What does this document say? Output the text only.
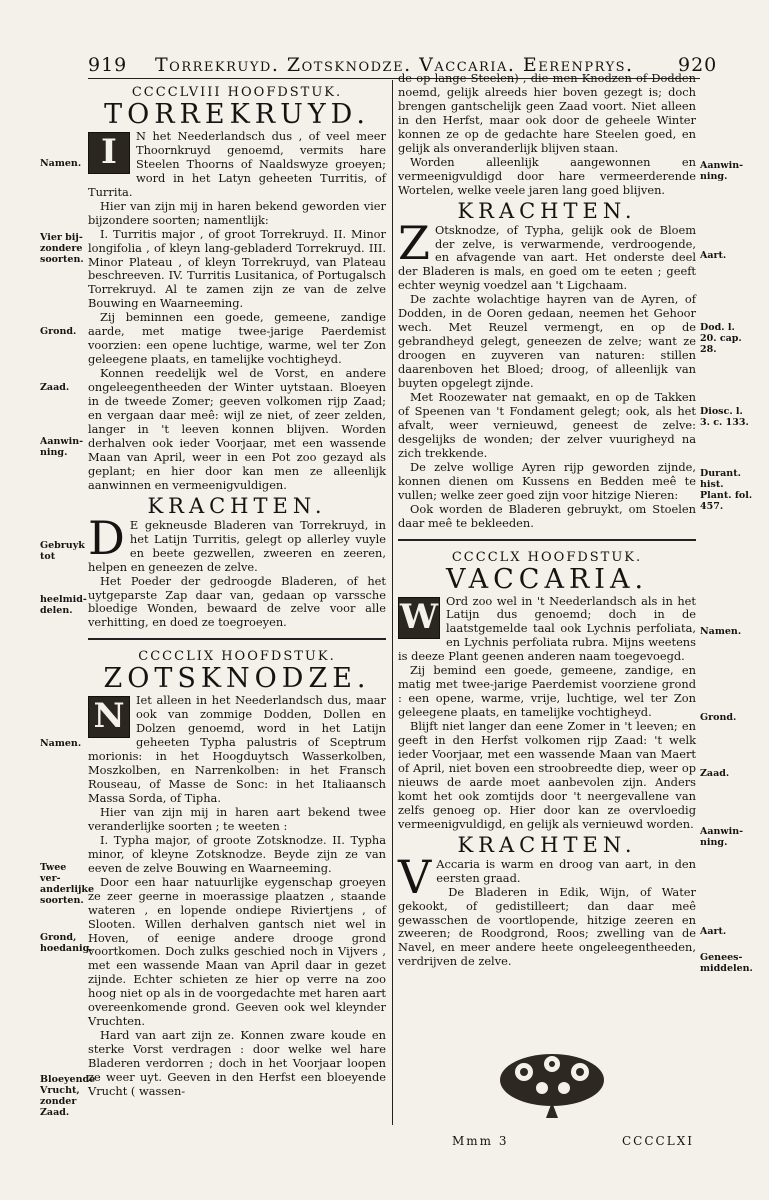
919 Torrekruyd. Zotsknodze. Vaccaria. Eerenprys. 920

CCCCLVIII HOOFDSTUK.

TORREKRUYD.

I	N het Neederlandsch dus , of veel meer Thoornkruyd genoemd, vermits hare Steelen Thoorns of Naaldswyze groeyen; word in het Latyn geheeten Turritis, of Turrita.

Hier van zijn mij in haren bekend geworden vier bijzondere soorten; namentlijk:

I. Turritis major , of groot Torrekruyd. II. Minor longifolia , of kleyn lang-gebladerd Torrekruyd. III. Minor Plateau , of kleyn Torrekruyd, van Plateau beschreeven. IV. Turritis Lusitanica, of Portugalsch Torrekruyd. Al te zamen zijn ze van de zelve Bouwing en Waarneeming.

Zij beminnen een goede, gemeene, zandige aarde, met matige twee-jarige Paerdemist voorzien: een opene luchtige, warme, wel ter Zon geleegene plaats, en tamelijke vochtigheyd.

Konnen reedelijk wel de Vorst, en andere ongeleegentheeden der Winter uytstaan. Bloeyen in de tweede Zomer; geeven volkomen rijp Zaad; en vergaan daar meê: wijl ze niet, of zeer zelden, langer in 't leeven konnen blijven. Worden derhalven ook ieder Voorjaar, met een wassende Maan van April, weer in een Pot zoo gezayd als geplant; en hier door kan men ze alleenlijk aanwinnen en vermeenigvuldigen.

KRACHTEN.

D E gekneusde Bladeren van Torrekruyd, in het Latijn Turritis, gelegt op allerley vuyle en beete gezwellen, zweeren en zeeren, helpen en geneezen de zelve.

Het Poeder der gedroogde Bladeren, of het uytgeparste Zap daar van, gedaan op varssche bloedige Wonden, bewaard de zelve voor alle verhitting, en doed ze toegroeyen.

CCCCLIX HOOFDSTUK.

ZOTSKNODZE.

N	Iet alleen in het Neederlandsch dus, maar ook van zommige Dodden, Dollen en Dolzen genoemd, word in het Latijn geheeten Typha palustris of Sceptrum morionis: in het Hoogduytsch Wasserkolben, Moszkolben, en Narrenkolben: in het Fransch Rouseau, of Masse de Sonc: in het Italiaansch Massa Sorda, of Tipha.

Hier van zijn mij in haren aart bekend twee veranderlijke soorten ; te weeten :

I. Typha major, of groote Zotsknodze. II. Typha minor, of kleyne Zotsknodze. Beyde zijn ze van eeven de zelve Bouwing en Waarneeming.

Door een haar natuurlijke eygenschap groeyen ze zeer geerne in moerassige plaatzen , staande wateren , en lopende ondiepe Riviertjens , of Slooten. Willen derhalven gantsch niet wel in Hoven, of eenige andere drooge grond voortkomen. Doch zulks geschied noch in Vijvers , met een wassende Maan van April daar in gezet zijnde. Echter schieten ze hier op verre na zoo hoog niet op als in de voorgedachte met haren aart overeenkomende grond. Geeven ook wel kleynder Vruchten.

Hard van aart zijn ze. Konnen zware koude en sterke Vorst verdragen : door welke wel hare Bladeren verdorren ; doch in het Voorjaar loopen ze weer uyt. Geeven in den Herfst een bloeyende Vrucht ( wassen-

de op lange Steelen) , die men Knodzen of Dodden noemd, gelijk alreeds hier boven gezegt is; doch brengen gantschelijk geen Zaad voort. Niet alleen in den Herfst, maar ook door de geheele Winter konnen ze op de gedachte hare Steelen goed, en gelijk als onveranderlijk blijven staan.

Worden alleenlijk aangewonnen en vermeenigvuldigd door hare vermeerderende Wortelen, welke veele jaren lang goed blijven.

KRACHTEN.

Z Otsknodze, of Typha, gelijk ook de Bloem der zelve, is verwarmende, verdroogende, en afvagende van aart. Het onderste deel der Bladeren is mals, en goed om te eeten ; geeft echter weynig voedzel aan 't Ligchaam.

De zachte wolachtige hayren van de Ayren, of Dodden, in de Ooren gedaan, neemen het Gehoor wech. Met Reuzel vermengt, en op de gebrandheyd gelegt, geneezen de zelve; want ze droogen en zuyveren van naturen: stillen daarenboven het Bloed; droog, of alleenlijk van buyten opgelegt zijnde.

Met Roozewater nat gemaakt, en op de Takken of Speenen van 't Fondament gelegt; ook, als het afvalt, weer vernieuwd, geneest de zelve: desgelijks de wonden; der zelver vuurigheyd na zich trekkende.

De zelve wollige Ayren rijp geworden zijnde, konnen dienen om Kussens en Bedden meê te vullen; welke zeer goed zijn voor hitzige Nieren:

Ook worden de Bladeren gebruykt, om Stoelen daar meê te bekleeden.

CCCCLX HOOFDSTUK.

VACCARIA.

W Ord zoo wel in 't Neederlandsch als in het Latijn dus genoemd; doch in de laatstgemelde taal ook Lychnis perfoliata, en Lychnis perfoliata rubra. Mijns weetens is deeze Plant geenen anderen naam toegevoegd.

Zij bemind een goede, gemeene, zandige, en matig met twee-jarige Paerdemist voorziene grond : een opene, warme, vrije, luchtige, wel ter Zon geleegene plaats, en tamelijke vochtigheyd.

Blijft niet langer dan eene Zomer in 't leeven; en geeft in den Herfst volkomen rijp Zaad: 't welk ieder Voorjaar, met een wassende Maan van Maert of April, niet boven een stroobreedte diep, weer op nieuws de aarde moet aanbevolen zijn. Anders komt het ook zomtijds door 't neergevallene van zelfs genoeg op. Hier door kan ze overvloedig vermeenigvuldigd, en gelijk als vernieuwd worden.

KRACHTEN.

V Accaria is warm en droog van aart, in den eersten graad.

De Bladeren in Edik, Wijn, of Water gekookt, of gedistilleert; dan daar meê gewasschen de voortlopende, hitzige zeeren en zweeren; de Roodgrond, Roos; zwelling van de Navel, en meer andere heete ongeleegentheeden, verdrijven de zelve.

Mmm 3	CCCCLXI
Namen.
Vier bij-zondere soorten.
Grond.
Zaad.
Aanwin-ning.
Gebruyk tot
heelmid-delen.
Namen.
Twee ver-anderlijke soorten.
Grond, hoedanig.
Bloeyende Vrucht, zonder Zaad.
Aanwin-ning.
Aart.
Dod. l. 20. cap. 28.
Diosc. l. 3. c. 133.
Durant. hist. Plant. fol. 457.
Namen.
Grond.
Zaad.
Aanwin-ning.
Aart.
Genees-middelen.
